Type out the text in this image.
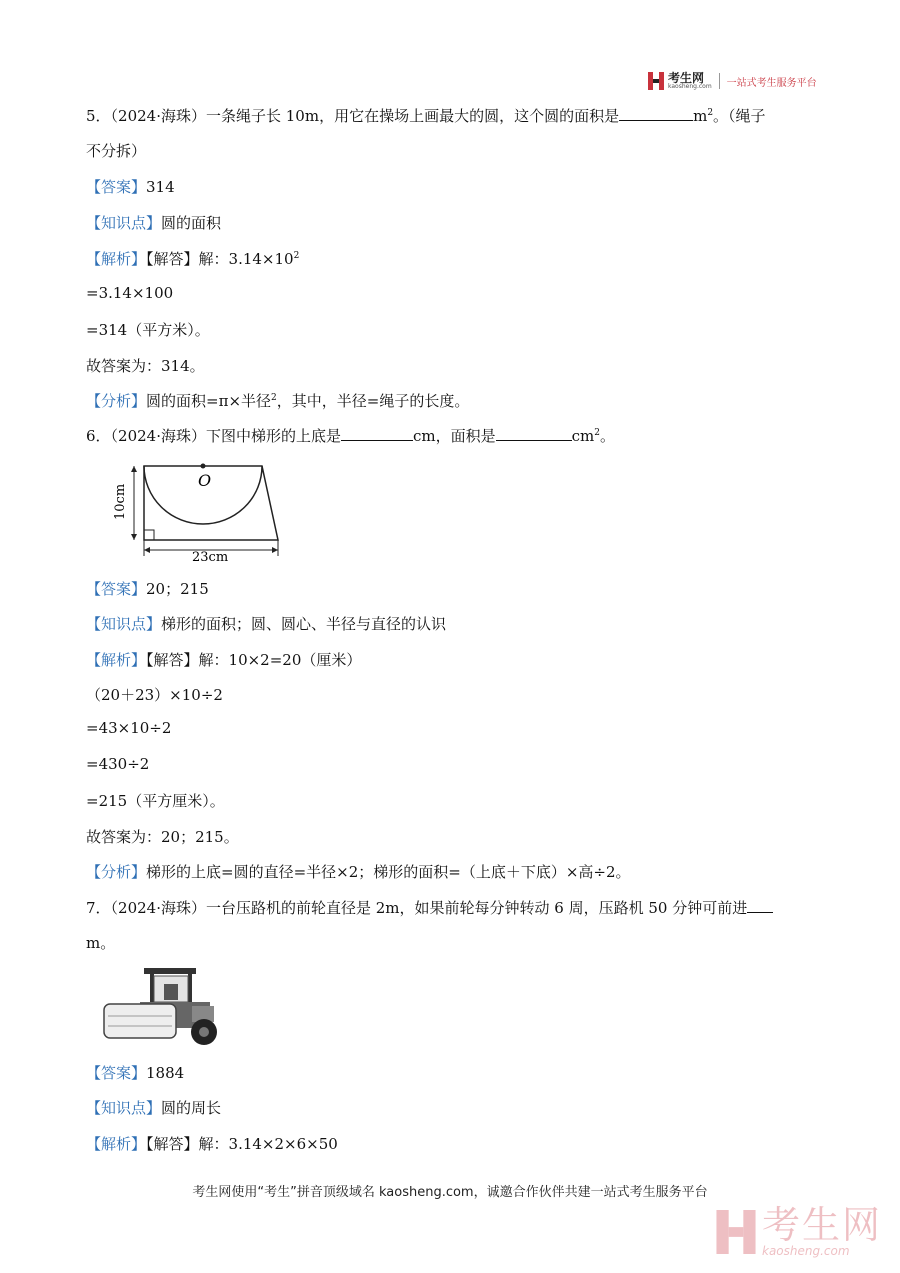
考生网
kaosheng.com 一站式考生服务平台
5．（2024·海珠）一条绳子长 10m，用它在操场上画最大的圆，这个圆的面积是	$m^2$。（绳子
不分拆）
【答案】314
【知识点】圆的面积
【解析】【解答】解：$3.14\times 10^2$
=3.14×100
=314（平方米）。
故答案为：314。
【分析】圆的面积=π×半径$^2$，其中，半径=绳子的长度。
6．（2024·海珠）下图中梯形的上底是	cm，面积是	$cm^2$。
O
10cm
23cm
【答案】20；215
【知识点】梯形的面积；圆、圆心、半径与直径的认识
【解析】【解答】解：10×2=20（厘米）
（20＋23）×10÷2
=43×10÷2
=430÷2
=215（平方厘米）。
故答案为：20；215。
【分析】梯形的上底=圆的直径=半径×2；梯形的面积=（上底＋下底）×高÷2。
7．（2024·海珠）一台压路机的前轮直径是 2m，如果前轮每分钟转动 6 周，压路机 50 分钟可前进
m。
【答案】1884
【知识点】圆的周长
【解析】【解答】解：3.14×2×6×50
考生网使用“考生”拼音顶级域名 kaosheng.com，诚邀合作伙伴共建一站式考生服务平台
考生网
kaosheng.com
